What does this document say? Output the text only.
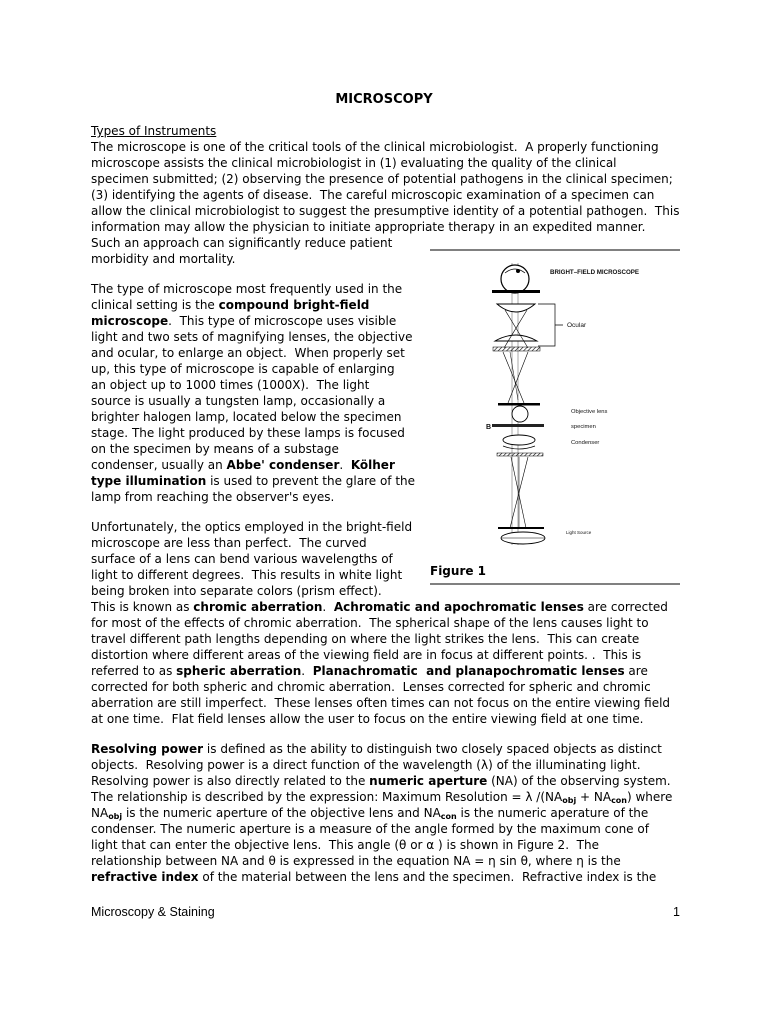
MICROSCOPY
Types of Instruments
The microscope is one of the critical tools of the clinical microbiologist.  A properly functioning
microscope assists the clinical microbiologist in (1) evaluating the quality of the clinical
specimen submitted; (2) observing the presence of potential pathogens in the clinical specimen;
(3) identifying the agents of disease.  The careful microscopic examination of a specimen can
allow the clinical microbiologist to suggest the presumptive identity of a potential pathogen.  This
information may allow the physician to initiate appropriate therapy in an expedited manner.
Such an approach can significantly reduce patient
morbidity and mortality.
The type of microscope most frequently used in the
clinical setting is the compound bright-field
microscope.  This type of microscope uses visible
light and two sets of magnifying lenses, the objective
and ocular, to enlarge an object.  When properly set
up, this type of microscope is capable of enlarging
an object up to 1000 times (1000X).  The light
source is usually a tungsten lamp, occasionally a
brighter halogen lamp, located below the specimen
stage. The light produced by these lamps is focused
on the specimen by means of a substage
condenser, usually an Abbe' condenser.  Kölher
type illumination is used to prevent the glare of the
lamp from reaching the observer's eyes.
Unfortunately, the optics employed in the bright-field
microscope are less than perfect.  The curved
surface of a lens can bend various wavelengths of
light to different degrees.  This results in white light
being broken into separate colors (prism effect).
This is known as chromic aberration.  Achromatic and apochromatic lenses are corrected
for most of the effects of chromic aberration.  The spherical shape of the lens causes light to
travel different path lengths depending on where the light strikes the lens.  This can create
distortion where different areas of the viewing field are in focus at different points. .  This is
referred to as spheric aberration.  Planachromatic  and planapochromatic lenses are
corrected for both spheric and chromic aberration.  Lenses corrected for spheric and chromic
aberration are still imperfect.  These lenses often times can not focus on the entire viewing field
at one time.  Flat field lenses allow the user to focus on the entire viewing field at one time.
Resolving power is defined as the ability to distinguish two closely spaced objects as distinct
objects.  Resolving power is a direct function of the wavelength (λ) of the illuminating light.
Resolving power is also directly related to the numeric aperture (NA) of the observing system.
The relationship is described by the expression: Maximum Resolution = λ $/(NA_{obj} + NA_{con})$ where
$NA_{obj}$ is the numeric aperture of the objective lens and $NA_{con}$ is the numeric aperature of the
condenser. The numeric aperture is a measure of the angle formed by the maximum cone of
light that can enter the objective lens.  This angle (θ or α ) is shown in Figure 2.  The
relationship between NA and θ is expressed in the equation NA = η sin θ, where η is the
refractive index of the material between the lens and the specimen.  Refractive index is the
BRIGHT–FIELD MICROSCOPE
Ocular
Objective lens
specimen
Condenser
Light Source
B
Figure 1
Microscopy & Staining	1
